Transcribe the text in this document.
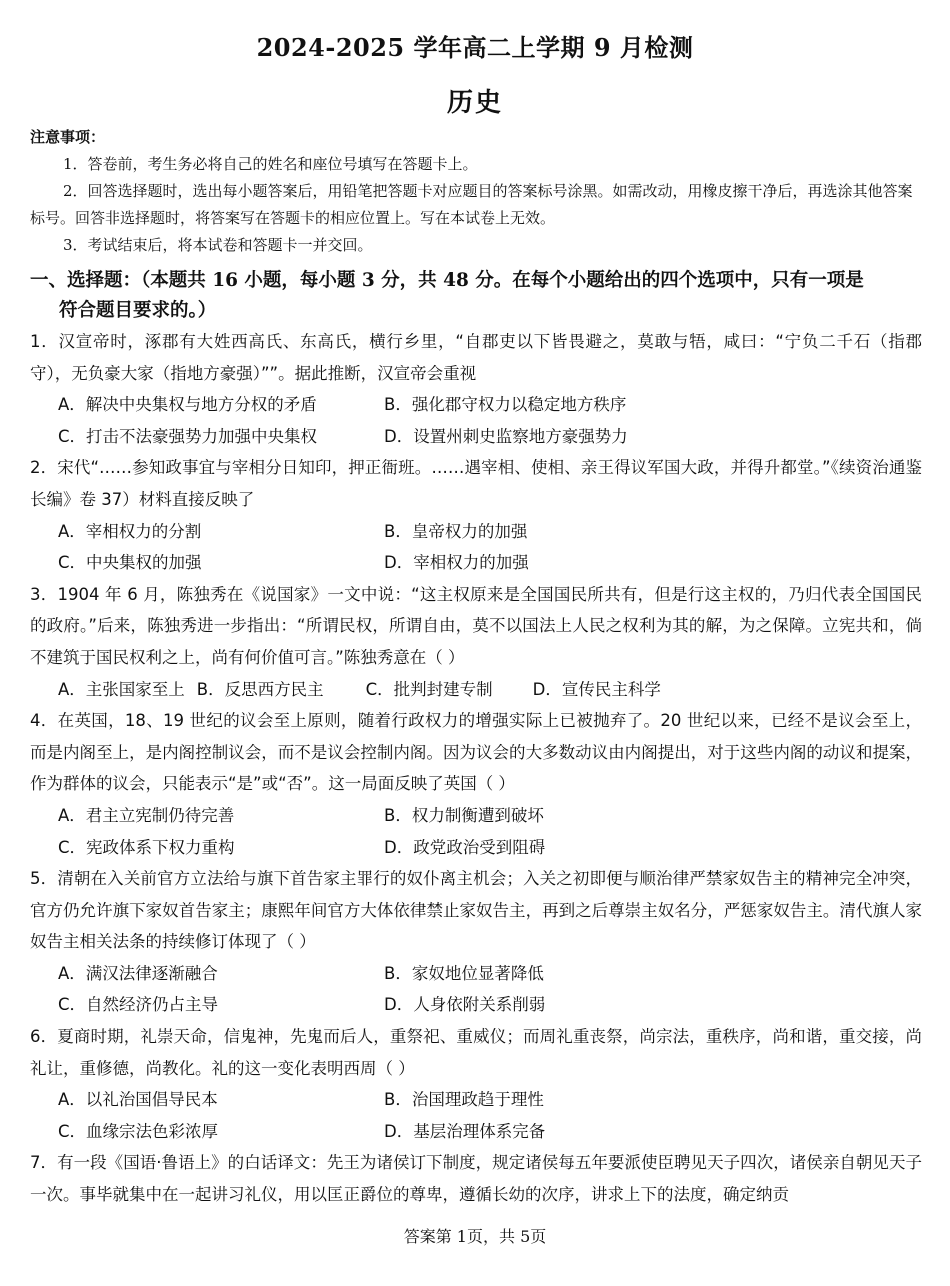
2024-2025 学年高二上学期 9 月检测
历史
注意事项：
1．答卷前，考生务必将自己的姓名和座位号填写在答题卡上。
2．回答选择题时，选出每小题答案后，用铅笔把答题卡对应题目的答案标号涂黑。如需改动，用橡皮擦干净后，再选涂其他答案标号。回答非选择题时，将答案写在答题卡的相应位置上。写在本试卷上无效。
3．考试结束后，将本试卷和答题卡一并交回。
一、选择题：（本题共 16 小题，每小题 3 分，共 48 分。在每个小题给出的四个选项中，只有一项是
符合题目要求的。）
1．汉宣帝时，涿郡有大姓西高氏、东高氏，横行乡里，“自郡吏以下皆畏避之，莫敢与牾，咸曰：“宁负二千石（指郡守），无负豪大家（指地方豪强）””。据此推断，汉宣帝会重视
A．解决中央集权与地方分权的矛盾	B．强化郡守权力以稳定地方秩序
C．打击不法豪强势力加强中央集权	D．设置州刺史监察地方豪强势力
2．宋代“……参知政事宜与宰相分日知印，押正衙班。……遇宰相、使相、亲王得议军国大政，并得升都堂。”《续资治通鉴长编》卷 37）材料直接反映了
A．宰相权力的分割	B．皇帝权力的加强
C．中央集权的加强	D．宰相权力的加强
3．1904 年 6 月，陈独秀在《说国家》一文中说：“这主权原来是全国国民所共有，但是行这主权的，乃归代表全国国民的政府。”后来，陈独秀进一步指出：“所谓民权，所谓自由，莫不以国法上人民之权利为其的解，为之保障。立宪共和，倘不建筑于国民权利之上，尚有何价值可言。”陈独秀意在（ ）
A．主张国家至上 B．反思西方民主	C．批判封建专制 D．宣传民主科学
4．在英国，18、19 世纪的议会至上原则，随着行政权力的增强实际上已被抛弃了。20 世纪以来，已经不是议会至上，而是内阁至上，是内阁控制议会，而不是议会控制内阁。因为议会的大多数动议由内阁提出，对于这些内阁的动议和提案，作为群体的议会，只能表示“是”或“否”。这一局面反映了英国（ ）
A．君主立宪制仍待完善	B．权力制衡遭到破坏
C．宪政体系下权力重构	D．政党政治受到阻碍
5．清朝在入关前官方立法给与旗下首告家主罪行的奴仆离主机会；入关之初即便与顺治律严禁家奴告主的精神完全冲突，官方仍允许旗下家奴首告家主；康熙年间官方大体依律禁止家奴告主，再到之后尊崇主奴名分，严惩家奴告主。清代旗人家奴告主相关法条的持续修订体现了（ ）
A．满汉法律逐渐融合	B．家奴地位显著降低
C．自然经济仍占主导	D．人身依附关系削弱
6．夏商时期，礼崇天命，信鬼神，先鬼而后人，重祭祀、重威仪；而周礼重丧祭，尚宗法，重秩序，尚和谐，重交接，尚礼让，重修德，尚教化。礼的这一变化表明西周（ ）
A．以礼治国倡导民本	B．治国理政趋于理性
C．血缘宗法色彩浓厚	D．基层治理体系完备
7．有一段《国语·鲁语上》的白话译文：先王为诸侯订下制度，规定诸侯每五年要派使臣聘见天子四次，诸侯亲自朝见天子一次。事毕就集中在一起讲习礼仪，用以匡正爵位的尊卑，遵循长幼的次序，讲求上下的法度，确定纳贡
答案第 1页，共 5页
